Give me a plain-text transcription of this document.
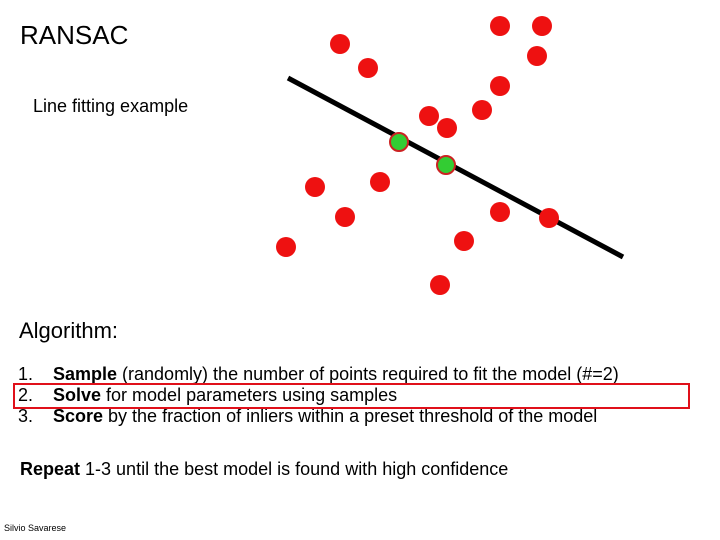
RANSAC
Line fitting example
Algorithm:
1. Sample (randomly) the number of points required to fit the model (#=2)
2. Solve for model parameters using samples
3. Score by the fraction of inliers within a preset threshold of the model
Repeat 1-3 until the best model is found with high confidence
Silvio Savarese
